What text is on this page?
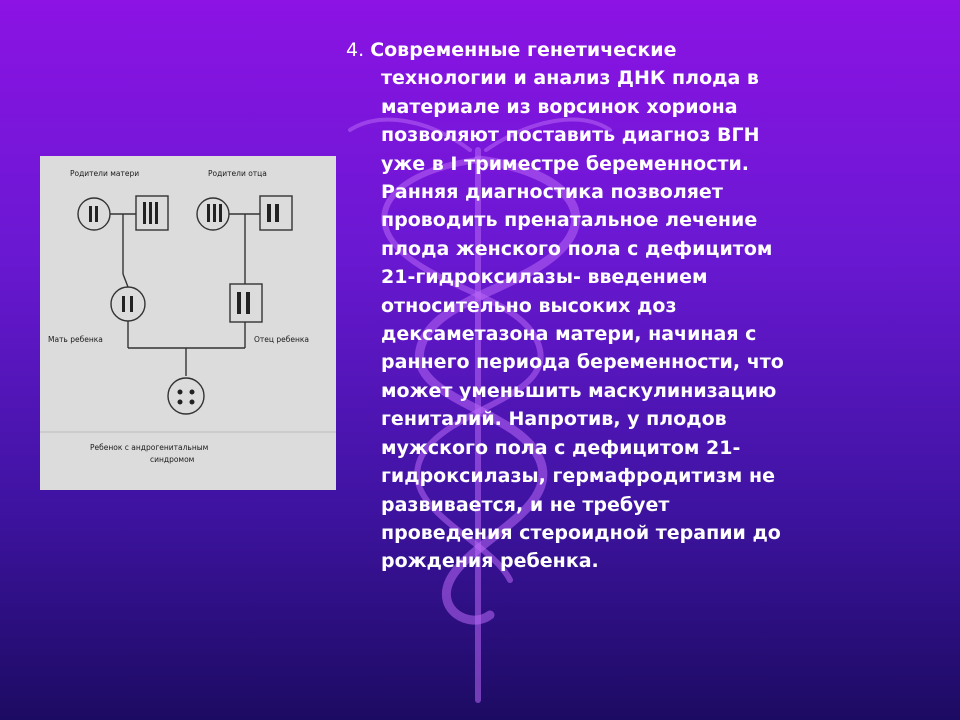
Родители матери	Родители отца
Мать ребенка	Отец ребенка
Ребенок с андрогенитальным
синдромом
4. Современные генетические
технологии и анализ ДНК плода в
материале из ворсинок хориона
позволяют поставить диагноз ВГН
уже в I триместре беременности.
Ранняя диагностика позволяет
проводить пренатальное лечение
плода женского пола с дефицитом
21-гидроксилазы- введением
относительно высоких доз
дексаметазона матери, начиная с
раннего периода беременности, что
может уменьшить маскулинизацию
гениталий. Напротив, у плодов
мужского пола с дефицитом 21-
гидроксилазы, гермафродитизм не
развивается, и не требует
проведения стероидной терапии до
рождения ребенка.
